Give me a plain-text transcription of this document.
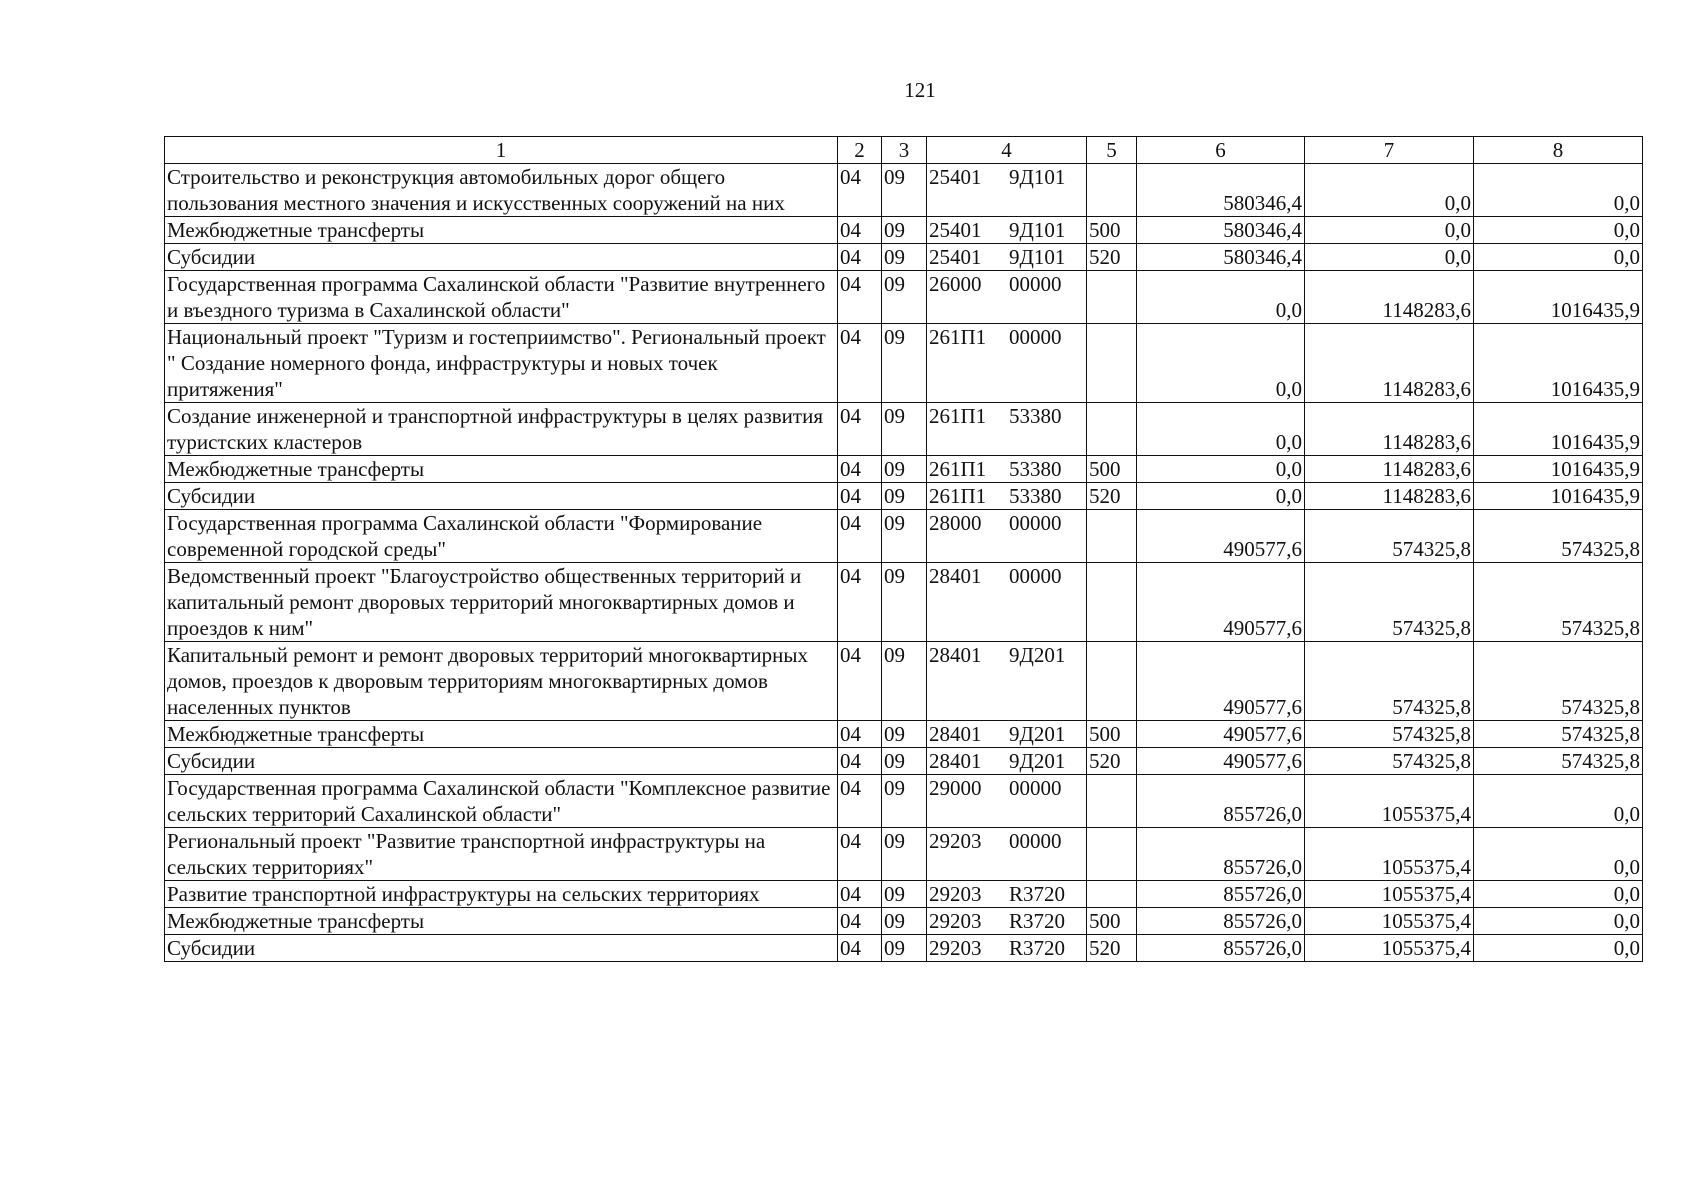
121
1	2	3	4	5	6	7	8
Строительство и реконструкция автомобильных дорог общего пользования местного значения и искусственных сооружений на них	04	09	25401 9Д101		580346,4	0,0	0,0
Межбюджетные трансферты	04	09	25401 9Д101	500	580346,4	0,0	0,0
Субсидии	04	09	25401 9Д101	520	580346,4	0,0	0,0
Государственная программа Сахалинской области "Развитие внутреннего и въездного туризма в Сахалинской области"	04	09	26000 00000		0,0	1148283,6	1016435,9
Национальный проект "Туризм и гостеприимство". Региональный проект " Создание номерного фонда, инфраструктуры и новых точек притяжения"	04	09	261П1 00000		0,0	1148283,6	1016435,9
Создание инженерной и транспортной инфраструктуры в целях развития туристских кластеров	04	09	261П1 53380		0,0	1148283,6	1016435,9
Межбюджетные трансферты	04	09	261П1 53380	500	0,0	1148283,6	1016435,9
Субсидии	04	09	261П1 53380	520	0,0	1148283,6	1016435,9
Государственная программа Сахалинской области "Формирование современной городской среды"	04	09	28000 00000		490577,6	574325,8	574325,8
Ведомственный проект "Благоустройство общественных территорий и капитальный ремонт дворовых территорий многоквартирных домов и проездов к ним"	04	09	28401 00000		490577,6	574325,8	574325,8
Капитальный ремонт и ремонт дворовых территорий многоквартирных домов, проездов к дворовым территориям многоквартирных домов населенных пунктов	04	09	28401 9Д201		490577,6	574325,8	574325,8
Межбюджетные трансферты	04	09	28401 9Д201	500	490577,6	574325,8	574325,8
Субсидии	04	09	28401 9Д201	520	490577,6	574325,8	574325,8
Государственная программа Сахалинской области "Комплексное развитие сельских территорий Сахалинской области"	04	09	29000 00000		855726,0	1055375,4	0,0
Региональный проект "Развитие транспортной инфраструктуры на сельских территориях"	04	09	29203 00000		855726,0	1055375,4	0,0
Развитие транспортной инфраструктуры на сельских территориях	04	09	29203 R3720		855726,0	1055375,4	0,0
Межбюджетные трансферты	04	09	29203 R3720	500	855726,0	1055375,4	0,0
Субсидии	04	09	29203 R3720	520	855726,0	1055375,4	0,0
